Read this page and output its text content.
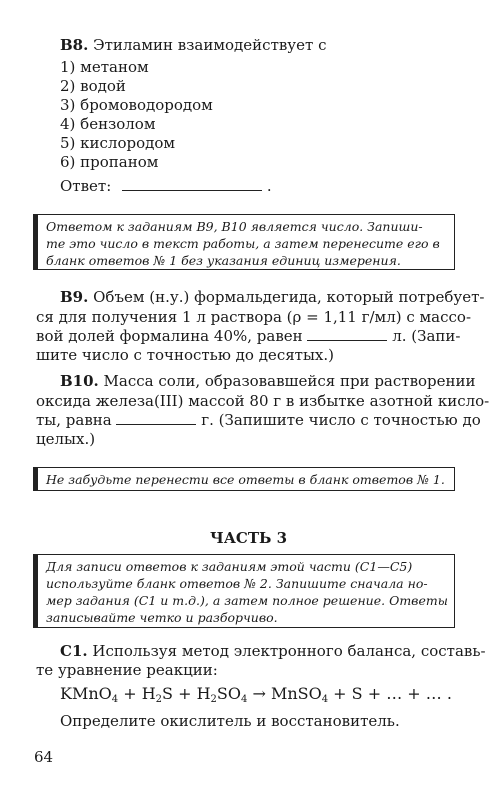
В8. Этиламин взаимодействует с
1) метаном
2) водой
3) бромоводородом
4) бензолом
5) кислородом
6) пропаном
Ответ:	.
Ответом к заданиям В9, В10 является число. Запиши-
те это число в текст работы, а затем перенесите его в
бланк ответов № 1 без указания единиц измерения.
В9. Объем (н.у.) формальдегида, который потребует-
ся для получения 1 л раствора (ρ = 1,11 г/мл) с массо-
вой долей формалина 40%, равен	л. (Запи-
шите число с точностью до десятых.)
В10. Масса соли, образовавшейся при растворении
оксида железа(III) массой 80 г в избытке азотной кисло-
ты, равна	г. (Запишите число с точностью до
целых.)
Не забудьте перенести все ответы в бланк ответов № 1.
ЧАСТЬ 3
Для записи ответов к заданиям этой части (С1—С5)
используйте бланк ответов № 2. Запишите сначала но-
мер задания (С1 и т.д.), а затем полное решение. Ответы
записывайте четко и разборчиво.
С1. Используя метод электронного баланса, составь-
те уравнение реакции:
KMnO$_4$ + $H_2S + H_2SO_4$ → MnSO$_4$ + S + … + … .
Определите окислитель и восстановитель.
64
